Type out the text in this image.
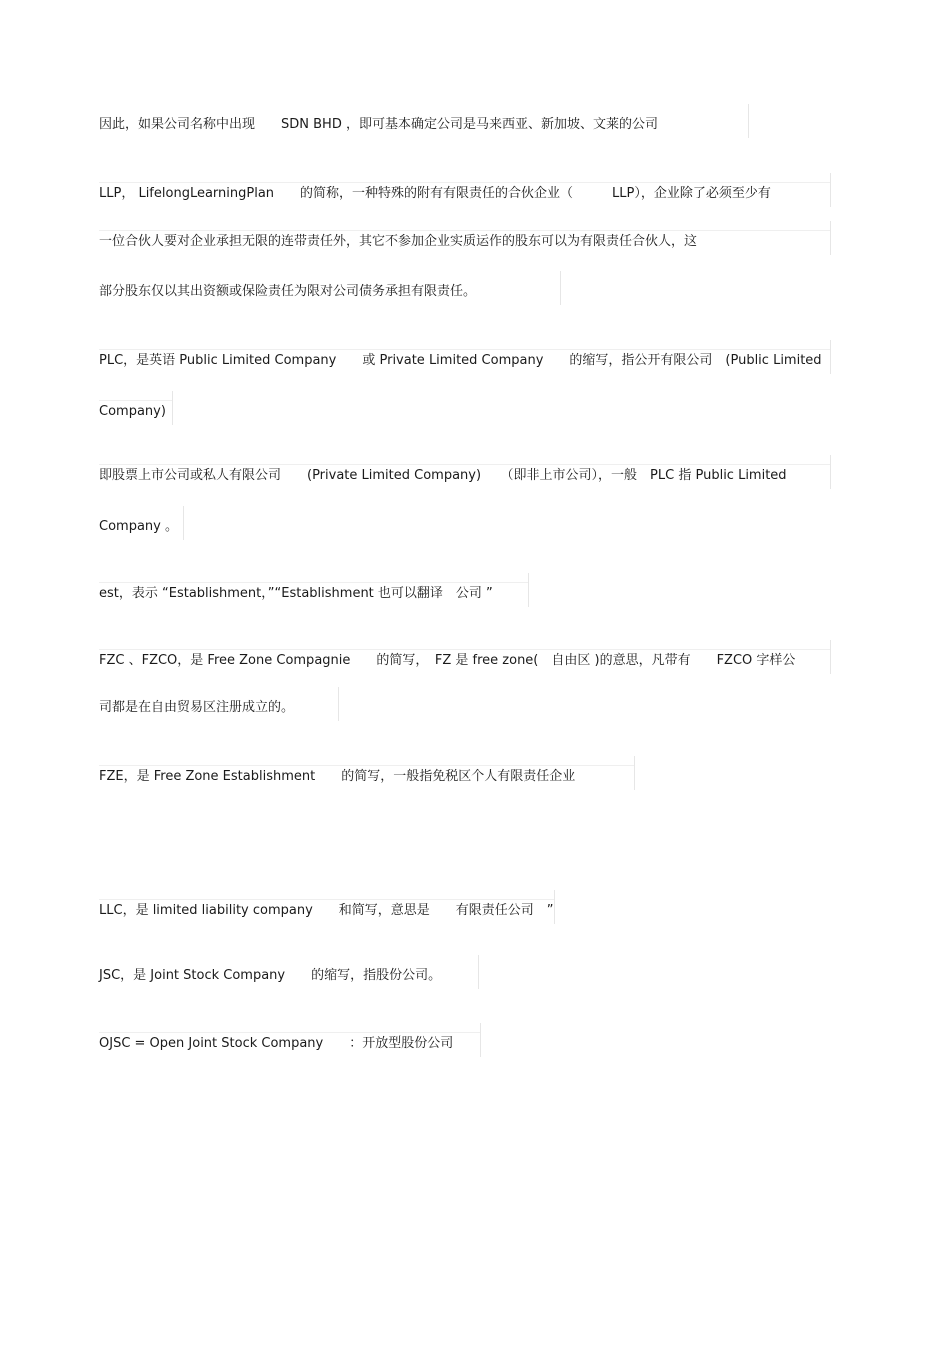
因此，如果公司名称中出现　　SDN BHD ，即可基本确定公司是马来西亚、新加坡、文莱的公司
LLP， LifelongLearningPlan　　的简称，一种特殊的附有有限责任的合伙企业（　　　LLP），企业除了必须至少有
一位合伙人要对企业承担无限的连带责任外，其它不参加企业实质运作的股东可以为有限责任合伙人，这
部分股东仅以其出资额或保险责任为限对公司债务承担有限责任。
PLC，是英语 Public Limited Company　　或 Private Limited Company　　的缩写，指公开有限公司　(Public Limited
Company)
即股票上市公司或私人有限公司　　(Private Limited Company)　　（即非上市公司），一般　PLC 指 Public Limited
Company 。
est，表示 “Establishment，”“Establishment 也可以翻译　公司 ”
FZC 、FZCO，是 Free Zone Compagnie　　的简写，　FZ 是 free zone(　自由区 )的意思，凡带有　　FZCO 字样公
司都是在自由贸易区注册成立的。
FZE，是 Free Zone Establishment　　的简写，一般指免税区个人有限责任企业
LLC，是 limited liability company　　和简写，意思是　　有限责任公司　”
JSC，是 Joint Stock Company　　的缩写，指股份公司。
OJSC = Open Joint Stock Company　　：开放型股份公司
